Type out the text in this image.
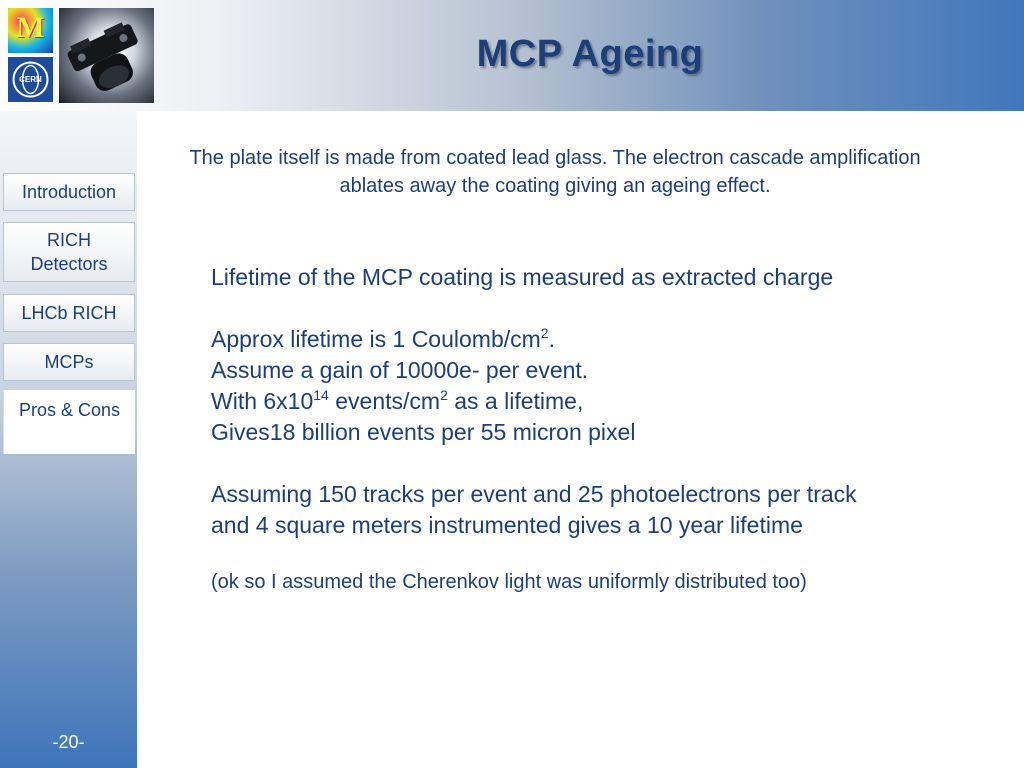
M
CERN
MCP Ageing
Introduction
RICH Detectors
LHCb RICH
MCPs
Pros & Cons
-20-
The plate itself is made from coated lead glass. The electron cascade amplification ablates away the coating giving an ageing effect.

Lifetime of the MCP coating is measured as extracted charge

Approx lifetime is 1 Coulomb/$cm^2$.

Assume a gain of 10000e- per event.

With $6x10^{14}$ events/$cm^2$ as a lifetime,

Gives18 billion events per 55 micron pixel

Assuming 150 tracks per event and 25 photoelectrons per track

and 4 square meters instrumented gives a 10 year lifetime

(ok so I assumed the Cherenkov light was uniformly distributed too)
